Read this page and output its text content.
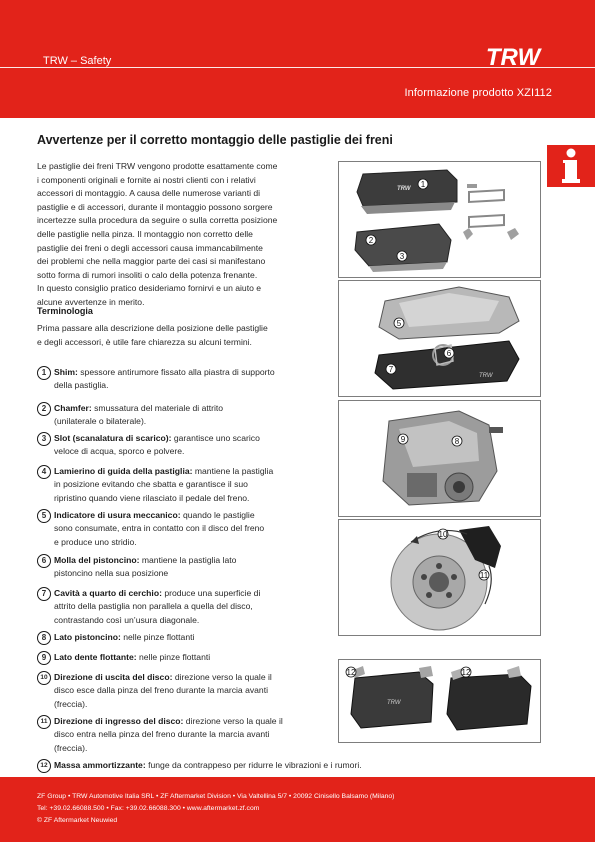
TRW – Safety	TRW
Informazione prodotto XZI112
Avvertenze per il corretto montaggio delle pastiglie dei freni
Le pastiglie dei freni TRW vengono prodotte esattamente come
i componenti originali e fornite ai nostri clienti con i relativi
accessori di montaggio. A causa delle numerose varianti di
pastiglie e di accessori, durante il montaggio possono sorgere
incertezze sulla procedura da seguire o sulla corretta posizione
delle pastiglie nella pinza. Il montaggio non corretto delle
pastiglie dei freni o degli accessori causa immancabilmente
dei problemi che nella maggior parte dei casi si manifestano
sotto forma di rumori insoliti o calo della potenza frenante.
In questo consiglio pratico desideriamo fornirvi e un aiuto e
alcune avvertenze in merito.
Terminologia
Prima passare alla descrizione della posizione delle pastiglie
e degli accessori, è utile fare chiarezza su alcuni termini.
1 Shim: spessore antirumore fissato alla piastra di supporto
della pastiglia.
2 Chamfer: smussatura del materiale di attrito
(unilaterale o bilaterale).
3 Slot (scanalatura di scarico): garantisce uno scarico
veloce di acqua, sporco e polvere.
4 Lamierino di guida della pastiglia: mantiene la pastiglia
in posizione evitando che sbatta e garantisce il suo
ripristino quando viene rilasciato il pedale del freno.
5 Indicatore di usura meccanico: quando le pastiglie
sono consumate, entra in contatto con il disco del freno
e produce uno stridio.
6 Molla del pistoncino: mantiene la pastiglia lato
pistoncino nella sua posizione
7 Cavità a quarto di cerchio: produce una superficie di
attrito della pastiglia non parallela a quella del disco,
contrastando così un’usura diagonale.
8 Lato pistoncino: nelle pinze flottanti
9 Lato dente flottante: nelle pinze flottanti
10 Direzione di uscita del disco: direzione verso la quale il
disco esce dalla pinza del freno durante la marcia avanti
(freccia).
11 Direzione di ingresso del disco: direzione verso la quale il
disco entra nella pinza del freno durante la marcia avanti
(freccia).
12 Massa ammortizzante: funge da contrappeso per ridurre le vibrazioni e i rumori.
TRW 1
2
3
TRW
5
6
7
9	8
10
11
TRW
12	12

ZF Group • TRW Automotive Italia SRL • ZF Aftermarket Division • Via Valtellina 5/7 • 20092 Cinisello Balsamo (Milano)

Tel: +39.02.66088.500 • Fax: +39.02.66088.300 • www.aftermarket.zf.com

© ZF Aftermarket Neuwied
